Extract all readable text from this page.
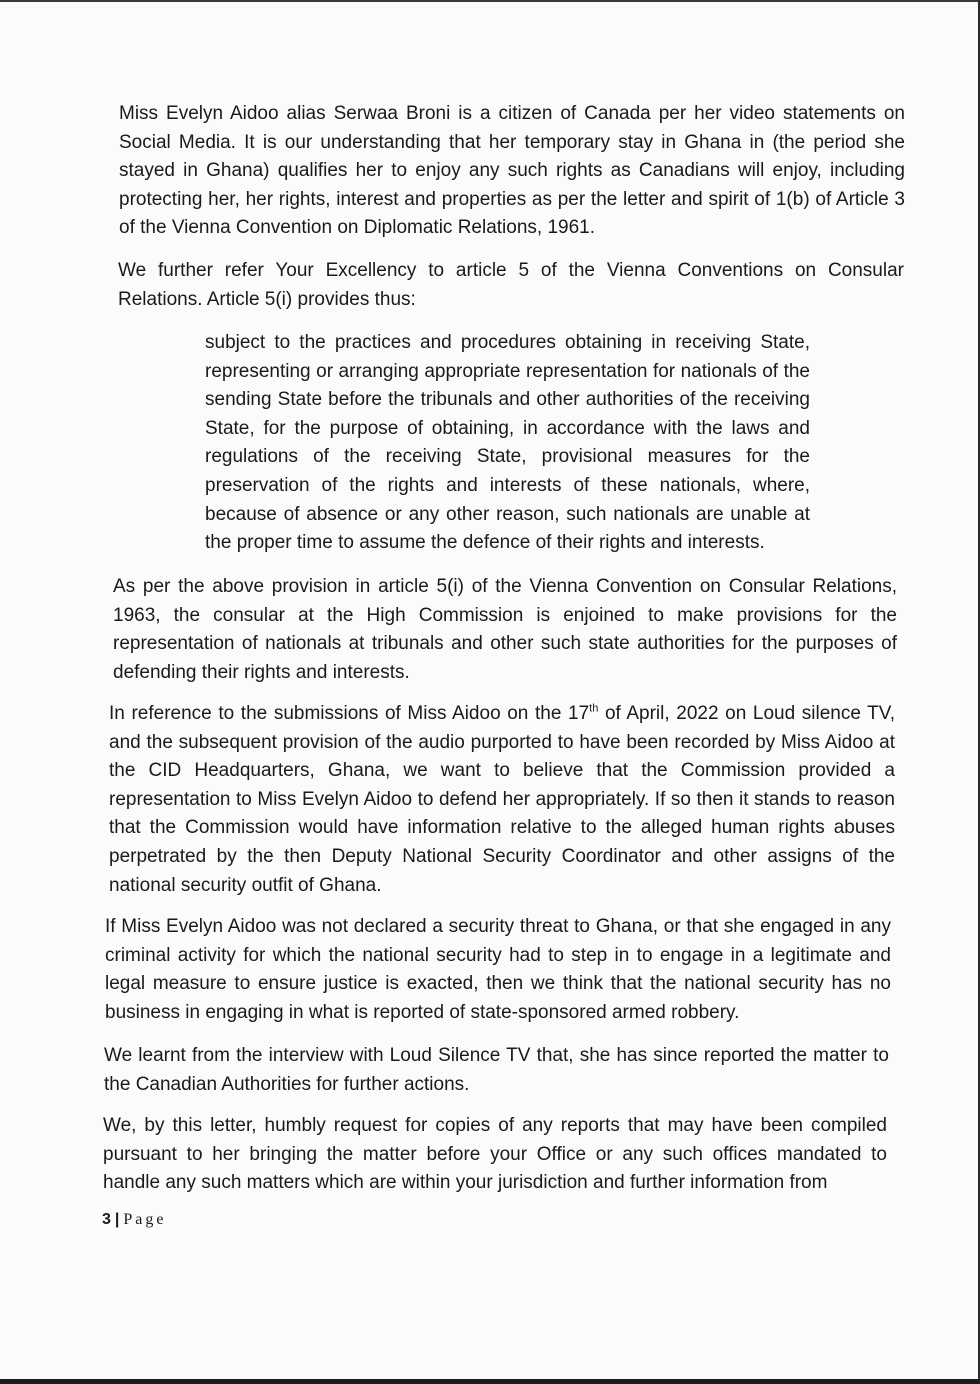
Miss Evelyn Aidoo alias Serwaa Broni is a citizen of Canada per her video statements on Social Media. It is our understanding that her temporary stay in Ghana in (the period she stayed in Ghana) qualifies her to enjoy any such rights as Canadians will enjoy, including protecting her, her rights, interest and properties as per the letter and spirit of 1(b) of Article 3 of the Vienna Convention on Diplomatic Relations, 1961.

We further refer Your Excellency to article 5 of the Vienna Conventions on Consular Relations. Article 5(i) provides thus:

subject to the practices and procedures obtaining in receiving State, representing or arranging appropriate representation for nationals of the sending State before the tribunals and other authorities of the receiving State, for the purpose of obtaining, in accordance with the laws and regulations of the receiving State, provisional measures for the preservation of the rights and interests of these nationals, where, because of absence or any other reason, such nationals are unable at the proper time to assume the defence of their rights and interests.

As per the above provision in article 5(i) of the Vienna Convention on Consular Relations, 1963, the consular at the High Commission is enjoined to make provisions for the representation of nationals at tribunals and other such state authorities for the purposes of defending their rights and interests.

In reference to the submissions of Miss Aidoo on the 17th of April, 2022 on Loud silence TV, and the subsequent provision of the audio purported to have been recorded by Miss Aidoo at the CID Headquarters, Ghana, we want to believe that the Commission provided a representation to Miss Evelyn Aidoo to defend her appropriately. If so then it stands to reason that the Commission would have information relative to the alleged human rights abuses perpetrated by the then Deputy National Security Coordinator and other assigns of the national security outfit of Ghana.

If Miss Evelyn Aidoo was not declared a security threat to Ghana, or that she engaged in any criminal activity for which the national security had to step in to engage in a legitimate and legal measure to ensure justice is exacted, then we think that the national security has no business in engaging in what is reported of state-sponsored armed robbery.

We learnt from the interview with Loud Silence TV that, she has since reported the matter to the Canadian Authorities for further actions.

We, by this letter, humbly request for copies of any reports that may have been compiled pursuant to her bringing the matter before your Office or any such offices mandated to handle any such matters which are within your jurisdiction and further information from

3 | Page
